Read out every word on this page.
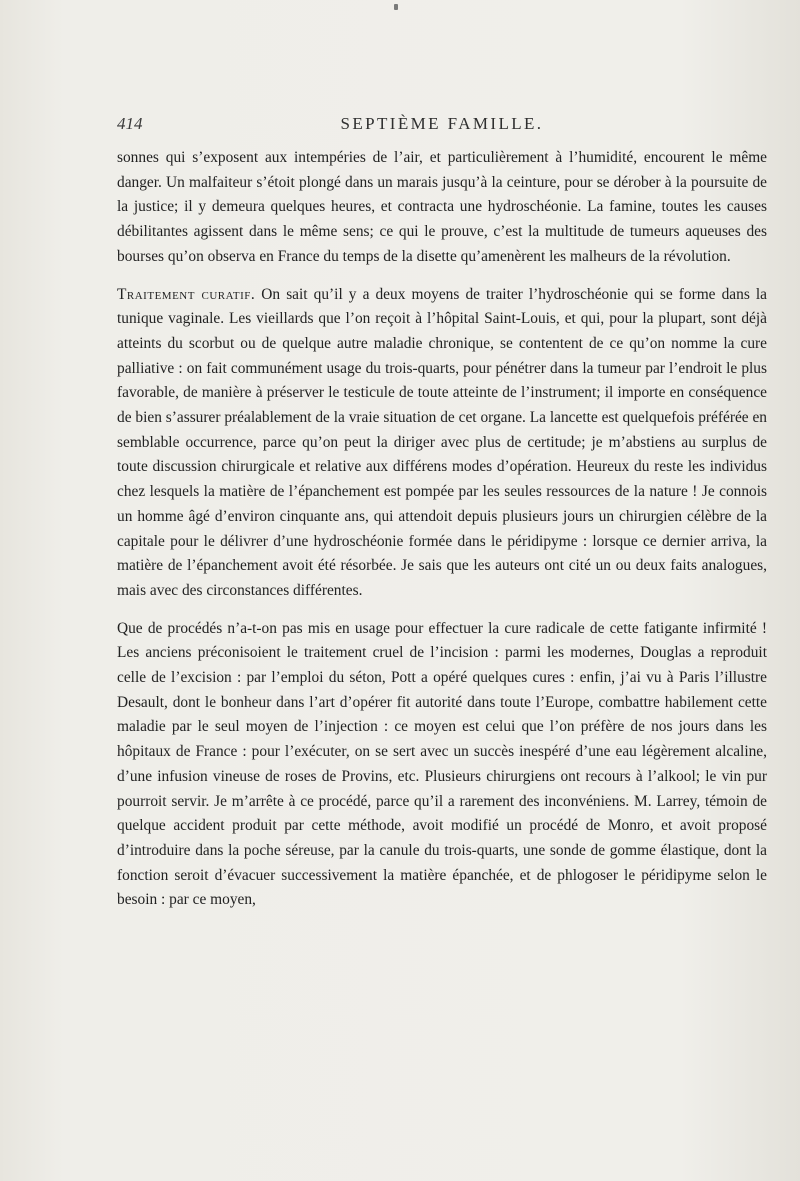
414	SEPTIÈME FAMILLE.

sonnes qui s’exposent aux intempéries de l’air, et particulièrement à l’humidité, encourent le même danger. Un malfaiteur s’étoit plongé dans un marais jusqu’à la ceinture, pour se dérober à la poursuite de la justice; il y demeura quelques heures, et contracta une hydroschéonie. La famine, toutes les causes débilitantes agissent dans le même sens; ce qui le prouve, c’est la multitude de tumeurs aqueuses des bourses qu’on observa en France du temps de la disette qu’amenèrent les malheurs de la révolution.

Traitement curatif. On sait qu’il y a deux moyens de traiter l’hydroschéonie qui se forme dans la tunique vaginale. Les vieillards que l’on reçoit à l’hôpital Saint-Louis, et qui, pour la plupart, sont déjà atteints du scorbut ou de quelque autre maladie chronique, se contentent de ce qu’on nomme la cure palliative : on fait communément usage du trois-quarts, pour pénétrer dans la tumeur par l’endroit le plus favorable, de manière à préserver le testicule de toute atteinte de l’instrument; il importe en conséquence de bien s’assurer préalablement de la vraie situation de cet organe. La lancette est quelquefois préférée en semblable occurrence, parce qu’on peut la diriger avec plus de certitude; je m’abstiens au surplus de toute discussion chirurgicale et relative aux différens modes d’opération. Heureux du reste les individus chez lesquels la matière de l’épanchement est pompée par les seules ressources de la nature ! Je connois un homme âgé d’environ cinquante ans, qui attendoit depuis plusieurs jours un chirurgien célèbre de la capitale pour le délivrer d’une hydroschéonie formée dans le péridipyme : lorsque ce dernier arriva, la matière de l’épanchement avoit été résorbée. Je sais que les auteurs ont cité un ou deux faits analogues, mais avec des circonstances différentes.

Que de procédés n’a-t-on pas mis en usage pour effectuer la cure radicale de cette fatigante infirmité ! Les anciens préconisoient le traitement cruel de l’incision : parmi les modernes, Douglas a reproduit celle de l’excision : par l’emploi du séton, Pott a opéré quelques cures : enfin, j’ai vu à Paris l’illustre Desault, dont le bonheur dans l’art d’opérer fit autorité dans toute l’Europe, combattre habilement cette maladie par le seul moyen de l’injection : ce moyen est celui que l’on préfère de nos jours dans les hôpitaux de France : pour l’exécuter, on se sert avec un succès inespéré d’une eau légèrement alcaline, d’une infusion vineuse de roses de Provins, etc. Plusieurs chirurgiens ont recours à l’alkool; le vin pur pourroit servir. Je m’arrête à ce procédé, parce qu’il a rarement des inconvéniens. M. Larrey, témoin de quelque accident produit par cette méthode, avoit modifié un procédé de Monro, et avoit proposé d’introduire dans la poche séreuse, par la canule du trois-quarts, une sonde de gomme élastique, dont la fonction seroit d’évacuer successivement la matière épanchée, et de phlogoser le péridipyme selon le besoin : par ce moyen,
